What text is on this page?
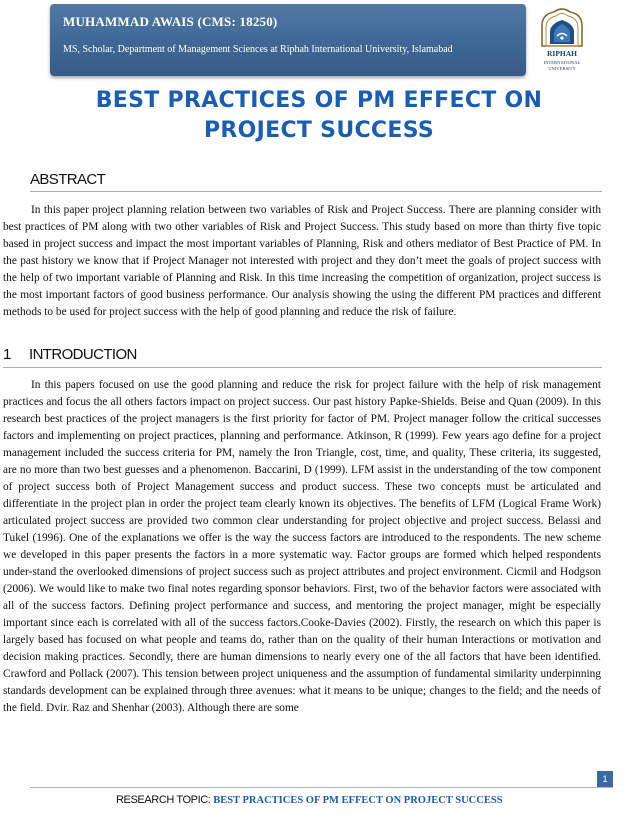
MUHAMMAD AWAIS (CMS: 18250)
MS, Scholar, Department of Management Sciences at Riphah International University, Islamabad	RIPHAH
INTERNATIONAL
UNIVERSITY
BEST PRACTICES OF PM EFFECT ON
PROJECT SUCCESS
ABSTRACT

In this paper project planning relation between two variables of Risk and Project Success. There are planning consider with best practices of PM along with two other variables of Risk and Project Success. This study based on more than thirty five topic based in project success and impact the most important variables of Planning, Risk and others mediator of Best Practice of PM. In the past history we know that if Project Manager not interested with project and they don’t meet the goals of project success with the help of two important variable of Planning and Risk. In this time increasing the competition of organization, project success is the most important factors of good business performance. Our analysis showing the using the different PM practices and different methods to be used for project success with the help of good planning and reduce the risk of failure.

1 INTRODUCTION

In this papers focused on use the good planning and reduce the risk for project failure with the help of risk management practices and focus the all others factors impact on project success. Our past history Papke-Shields. Beise and Quan (2009). In this research best practices of the project managers is the first priority for factor of PM. Project manager follow the critical successes factors and implementing on project practices, planning and performance. Atkinson, R (1999). Few years ago define for a project management included the success criteria for PM, namely the Iron Triangle, cost, time, and quality, These criteria, its suggested, are no more than two best guesses and a phenomenon. Baccarini, D (1999). LFM assist in the understanding of the tow component of project success both of Project Management success and product success. These two concepts must be articulated and differentiate in the project plan in order the project team clearly known its objectives. The benefits of LFM (Logical Frame Work) articulated project success are provided two common clear understanding for project objective and project success. Belassi and Tukel (1996). One of the explanations we offer is the way the success factors are introduced to the respondents. The new scheme we developed in this paper presents the factors in a more systematic way. Factor groups are formed which helped respondents under-stand the overlooked dimensions of project success such as project attributes and project environment. Cicmil and Hodgson (2006). We would like to make two final notes regarding sponsor behaviors. First, two of the behavior factors were associated with all of the success factors. Defining project performance and success, and mentoring the project manager, might be especially important since each is correlated with all of the success factors.Cooke-Davies (2002). Firstly, the research on which this paper is largely based has focused on what people and teams do, rather than on the quality of their human Interactions or motivation and decision making practices. Secondly, there are human dimensions to nearly every one of the all factors that have been identified. Crawford and Pollack (2007). This tension between project uniqueness and the assumption of fundamental similarity underpinning standards development can be explained through three avenues: what it means to be unique; changes to the field; and the needs of the field. Dvir. Raz and Shenhar (2003). Although there are some

1
RESEARCH TOPIC: BEST PRACTICES OF PM EFFECT ON PROJECT SUCCESS
